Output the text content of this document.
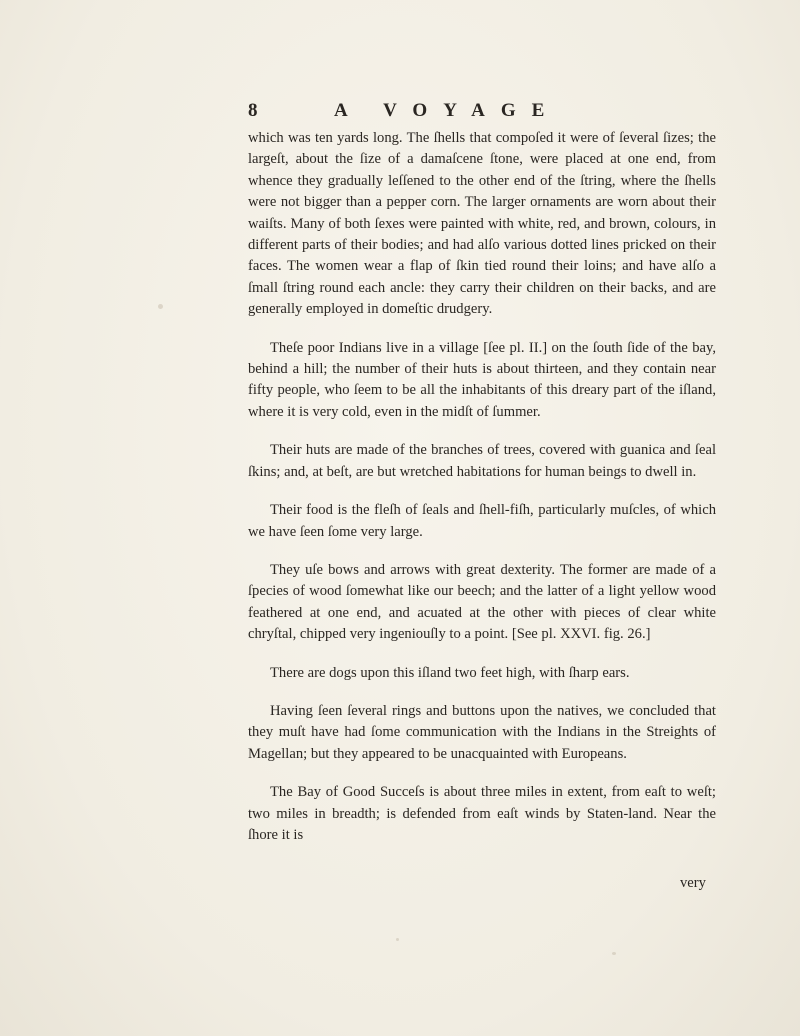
8	A VOYAGE

which was ten yards long. The ſhells that compoſed it were of ſeveral ſizes; the largeſt, about the ſize of a damaſcene ſtone, were placed at one end, from whence they gradually leſſened to the other end of the ſtring, where the ſhells were not bigger than a pepper corn. The larger ornaments are worn about their waiſts. Many of both ſexes were painted with white, red, and brown, colours, in different parts of their bodies; and had alſo various dotted lines pricked on their faces. The women wear a flap of ſkin tied round their loins; and have alſo a ſmall ſtring round each ancle: they carry their children on their backs, and are generally employed in domeſtic drudgery.

Theſe poor Indians live in a village [ſee pl. II.] on the ſouth ſide of the bay, behind a hill; the number of their huts is about thirteen, and they contain near fifty people, who ſeem to be all the inhabitants of this dreary part of the iſland, where it is very cold, even in the midſt of ſummer.

Their huts are made of the branches of trees, covered with guanica and ſeal ſkins; and, at beſt, are but wretched habitations for human beings to dwell in.

Their food is the fleſh of ſeals and ſhell-fiſh, particularly muſcles, of which we have ſeen ſome very large.

They uſe bows and arrows with great dexterity. The former are made of a ſpecies of wood ſomewhat like our beech; and the latter of a light yellow wood feathered at one end, and acuated at the other with pieces of clear white chryſtal, chipped very ingeniouſly to a point. [See pl. XXVI. fig. 26.]

There are dogs upon this iſland two feet high, with ſharp ears.

Having ſeen ſeveral rings and buttons upon the natives, we concluded that they muſt have had ſome communication with the Indians in the Streights of Magellan; but they appeared to be unacquainted with Europeans.

The Bay of Good Succeſs is about three miles in extent, from eaſt to weſt; two miles in breadth; is defended from eaſt winds by Staten-land. Near the ſhore it is

very
